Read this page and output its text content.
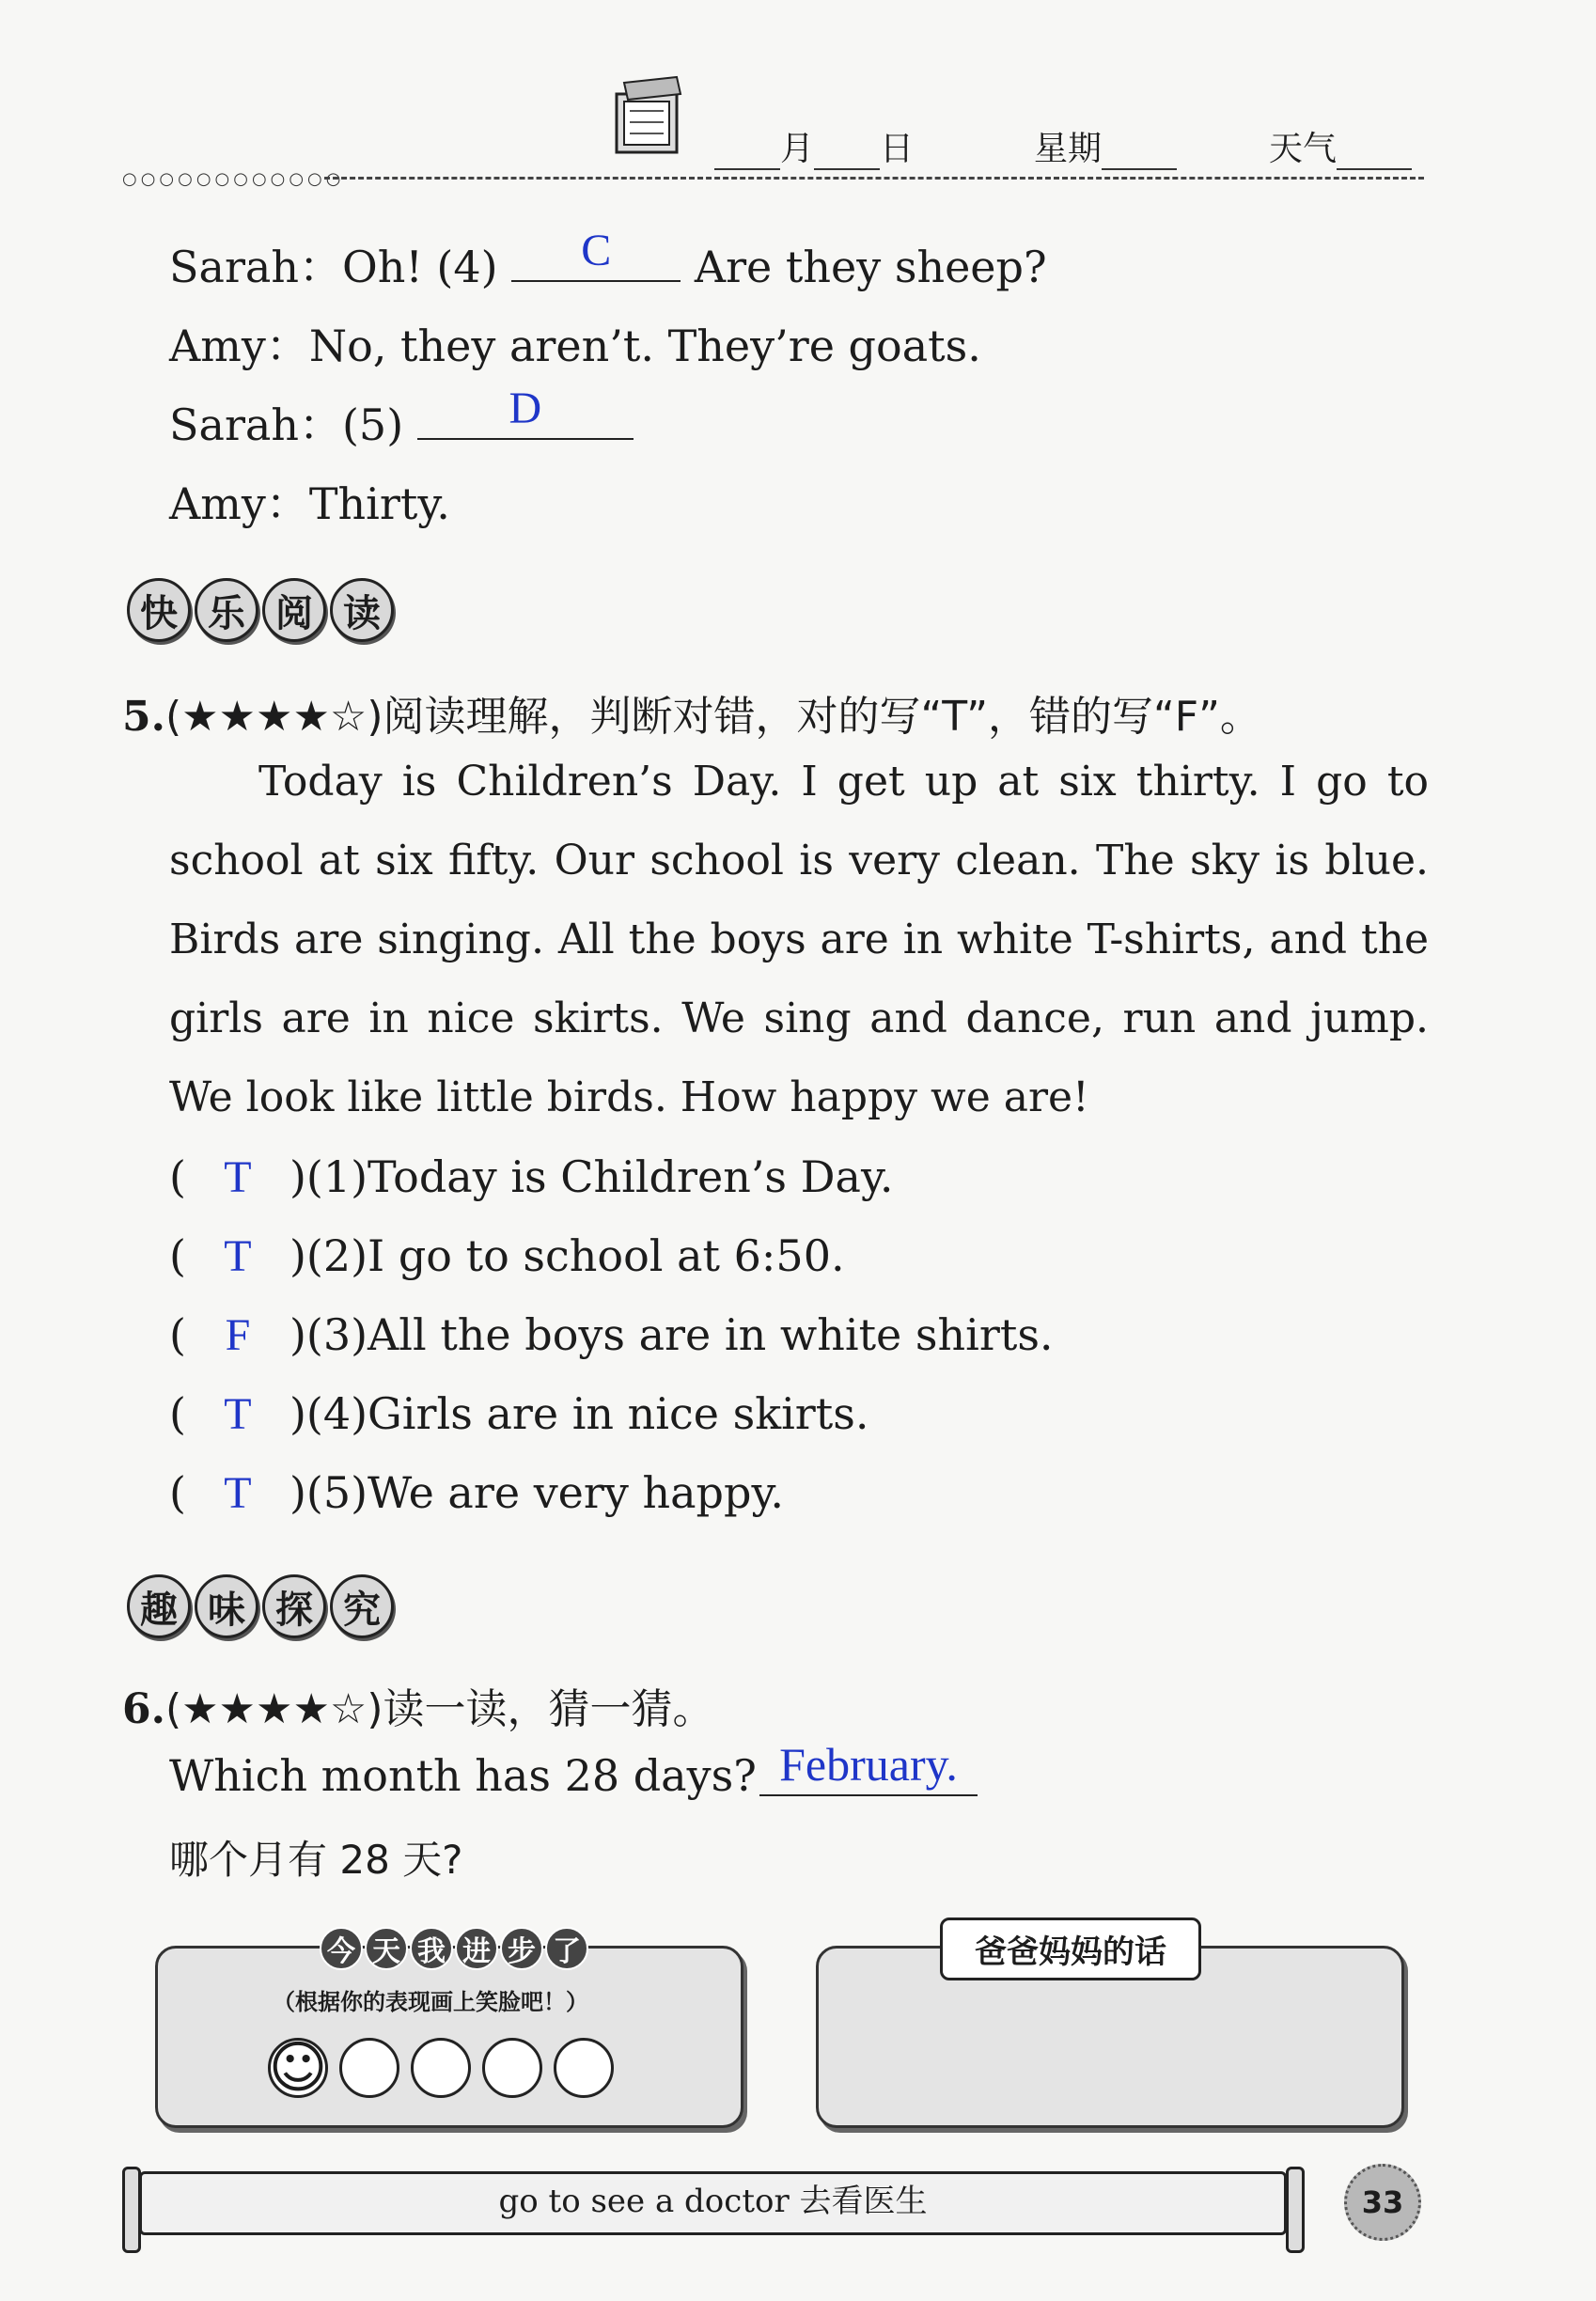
月 日	星期	天气
○○○○○○○○○○○○
Sarah：Oh! (4)	C	Are they sheep?
Amy：No, they aren’t. They’re goats.
Sarah：(5)	D
Amy：Thirty.
快 乐 阅 读
5.(★★★★☆)阅读理解，判断对错，对的写“T”，错的写“F”。
Today is Children’s Day. I get up at six thirty. I go to school at six fifty. Our school is very clean. The sky is blue. Birds are singing. All the boys are in white T-shirts, and the girls are in nice skirts. We sing and dance, run and jump. We look like little birds. How happy we are!
( T )(1)Today is Children’s Day.
( T )(2)I go to school at 6:50.
( F )(3)All the boys are in white shirts.
( T )(4)Girls are in nice skirts.
( T )(5)We are very happy.
趣 味 探 究
6.(★★★★☆)读一读，猜一猜。
Which month has 28 days? February.
哪个月有 28 天?
今 天 我 进 步 了
（根据你的表现画上笑脸吧！）
☺
爸爸妈妈的话
go to see a doctor 去看医生	33
